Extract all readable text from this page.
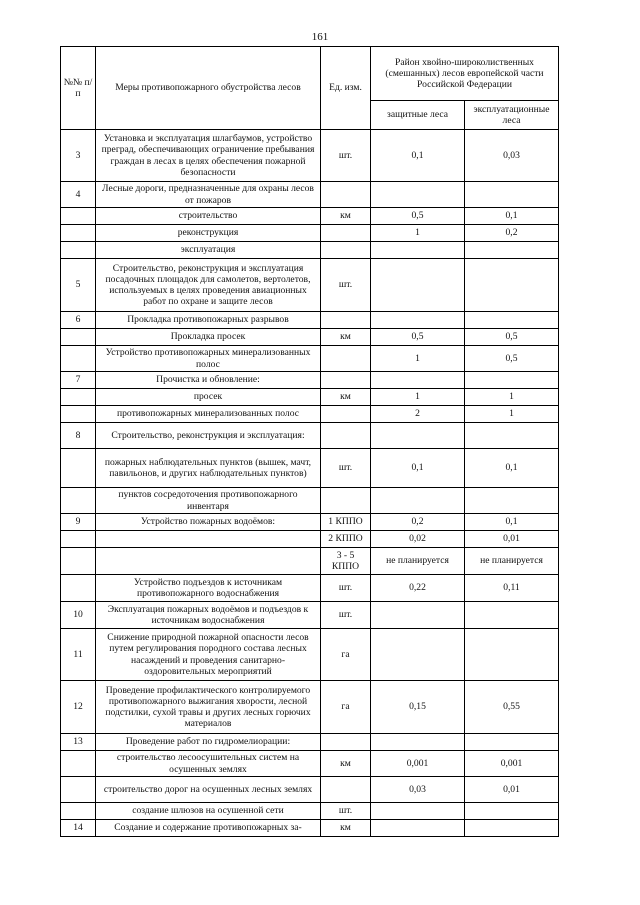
161
№№ п/п	Меры противопожарного обустройства лесов	Ед. изм.	Район хвойно-широколиственных (смешанных) лесов европейской части Российской Федерации	
			защитные леса	эксплуатационные леса
3	Установка и эксплуатация шлагбаумов, устройство преград, обеспечивающих ограничение пребывания граждан в лесах в целях обеспечения пожарной безопасности	шт.	0,1	0,03
4	Лесные дороги, предназначенные для охраны лесов от пожаров			
	строительство	км	0,5	0,1
	реконструкция		1	0,2
	эксплуатация			
5	Строительство, реконструкция и эксплуатация посадочных площадок для самолетов, вертолетов, используемых в целях проведения авиационных работ по охране и защите лесов	шт.		
6	Прокладка противопожарных разрывов			
	Прокладка просек	км	0,5	0,5
	Устройство противопожарных минерализованных полос		1	0,5
7	Прочистка и обновление:			
	просек	км	1	1
	противопожарных минерализованных полос		2	1
8	Строительство, реконструкция и эксплуатация:			
	пожарных наблюдательных пунктов (вышек, мачт, павильонов, и других наблюдательных пунктов)	шт.	0,1	0,1
	пунктов сосредоточения противопожарного инвентаря			
9	Устройство пожарных водоёмов:	1 КППО	0,2	0,1
		2 КППО	0,02	0,01
		3 - 5 КППО	не планируется	не планируется
	Устройство подъездов к источникам противопожарного водоснабжения	шт.	0,22	0,11
10	Эксплуатация пожарных водоёмов и подъездов к источникам водоснабжения	шт.		
11	Снижение природной пожарной опасности лесов путем регулирования породного состава лесных насаждений и проведения санитарно-оздоровительных мероприятий	га		
12	Проведение профилактического контролируемого противопожарного выжигания хворости, лесной подстилки, сухой травы и других лесных горючих материалов	га	0,15	0,55
13	Проведение работ по гидромелиорации:			
	строительство лесоосушительных систем на осушенных землях	км	0,001	0,001
	строительство дорог на осушенных лесных землях		0,03	0,01
	создание шлюзов на осушенной сети	шт.		
14	Создание и содержание противопожарных за-	км		
